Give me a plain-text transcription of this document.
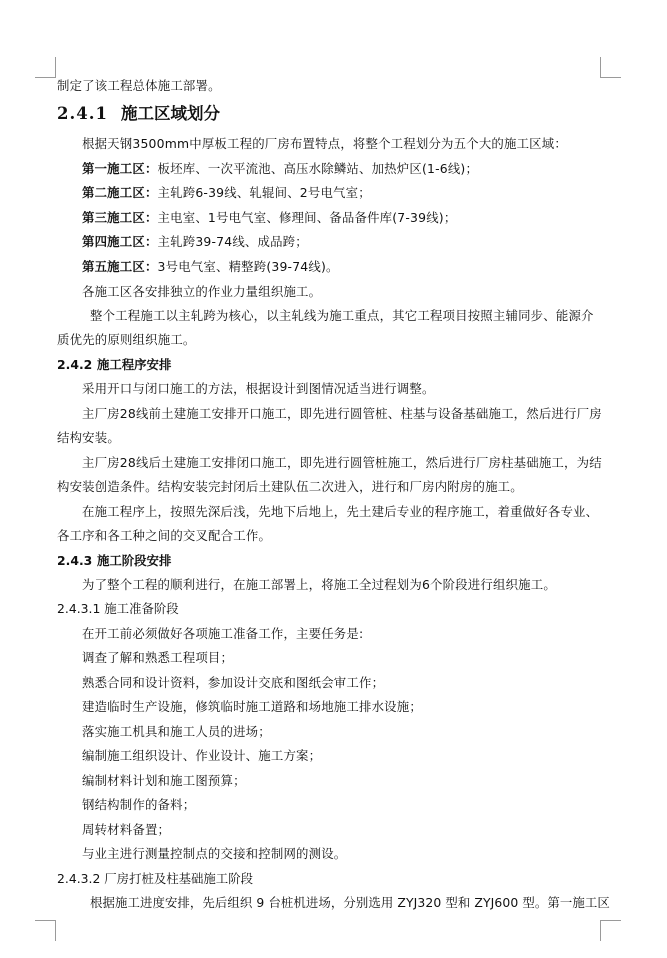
制定了该工程总体施工部署。
2.4.1 施工区域划分
根据天钢3500mm中厚板工程的厂房布置特点，将整个工程划分为五个大的施工区域：
第一施工区：板坯库、一次平流池、高压水除鳞站、加热炉区(1-6线)；
第二施工区：主轧跨6-39线、轧辊间、2号电气室；
第三施工区：主电室、1号电气室、修理间、备品备件库(7-39线)；
第四施工区：主轧跨39-74线、成品跨；
第五施工区：3号电气室、精整跨(39-74线)。
各施工区各安排独立的作业力量组织施工。
整个工程施工以主轧跨为核心，以主轧线为施工重点，其它工程项目按照主辅同步、能源介
质优先的原则组织施工。
2.4.2 施工程序安排
采用开口与闭口施工的方法，根据设计到图情况适当进行调整。
主厂房28线前土建施工安排开口施工，即先进行圆管桩、柱基与设备基础施工，然后进行厂房
结构安装。
主厂房28线后土建施工安排闭口施工，即先进行圆管桩施工，然后进行厂房柱基础施工，为结
构安装创造条件。结构安装完封闭后土建队伍二次进入，进行和厂房内附房的施工。
在施工程序上，按照先深后浅，先地下后地上，先土建后专业的程序施工，着重做好各专业、
各工序和各工种之间的交叉配合工作。
2.4.3 施工阶段安排
为了整个工程的顺利进行，在施工部署上，将施工全过程划为6个阶段进行组织施工。
2.4.3.1 施工准备阶段
在开工前必须做好各项施工准备工作，主要任务是:
调查了解和熟悉工程项目；
熟悉合同和设计资料，参加设计交底和图纸会审工作；
建造临时生产设施，修筑临时施工道路和场地施工排水设施；
落实施工机具和施工人员的进场；
编制施工组织设计、作业设计、施工方案；
编制材料计划和施工图预算；
钢结构制作的备料；
周转材料备置；
与业主进行测量控制点的交接和控制网的测设。
2.4.3.2 厂房打桩及柱基础施工阶段
根据施工进度安排，先后组织 9 台桩机进场，分别选用 ZYJ320 型和 ZYJ600 型。第一施工区
